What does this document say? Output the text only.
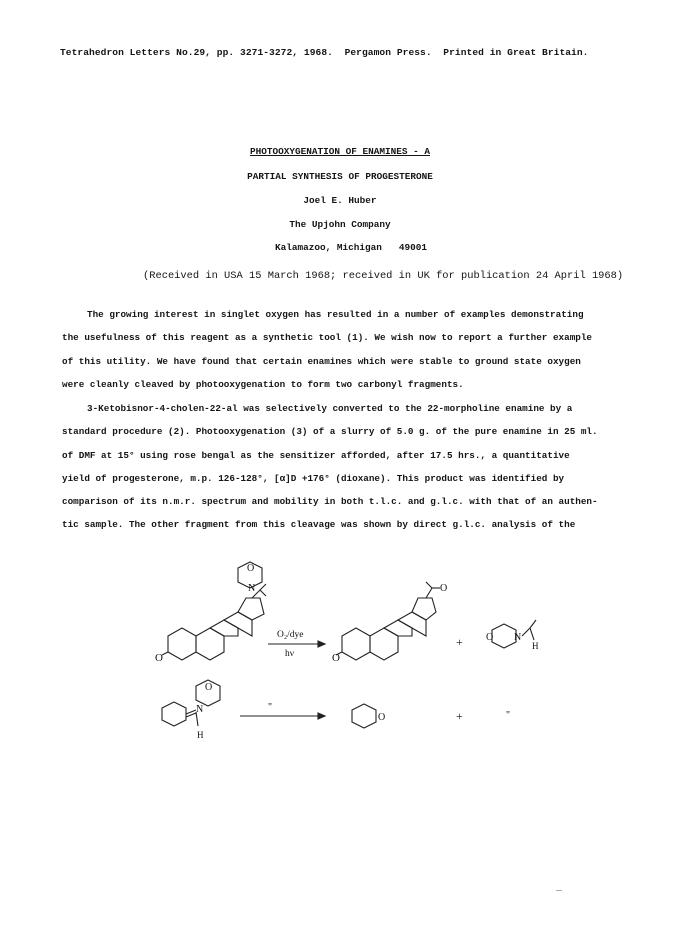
Tetrahedron Letters No.29, pp. 3271-3272, 1968. Pergamon Press. Printed in Great Britain.
PHOTOOXYGENATION OF ENAMINES - A
PARTIAL SYNTHESIS OF PROGESTERONE
Joel E. Huber
The Upjohn Company
Kalamazoo, Michigan 49001
(Received in USA 15 March 1968; received in UK for publication 24 April 1968)
The growing interest in singlet oxygen has resulted in a number of examples demonstrating
the usefulness of this reagent as a synthetic tool (1). We wish now to report a further example
of this utility. We have found that certain enamines which were stable to ground state oxygen
were cleanly cleaved by photooxygenation to form two carbonyl fragments.
3-Ketobisnor-4-cholen-22-al was selectively converted to the 22-morpholine enamine by a
standard procedure (2). Photooxygenation (3) of a slurry of 5.0 g. of the pure enamine in 25 ml.
of DMF at 15° using rose bengal as the sensitizer afforded, after 17.5 hrs., a quantitative
yield of progesterone, m.p. 126-128°, [α]D +176° (dioxane). This product was identified by
comparison of its n.m.r. spectrum and mobility in both t.l.c. and g.l.c. with that of an authen-
tic sample. The other fragment from this cleavage was shown by direct g.l.c. analysis of the
O
O
N
O₂/dye
hν	O
O
+ O N
H
O
N
H
"
O	+	"
